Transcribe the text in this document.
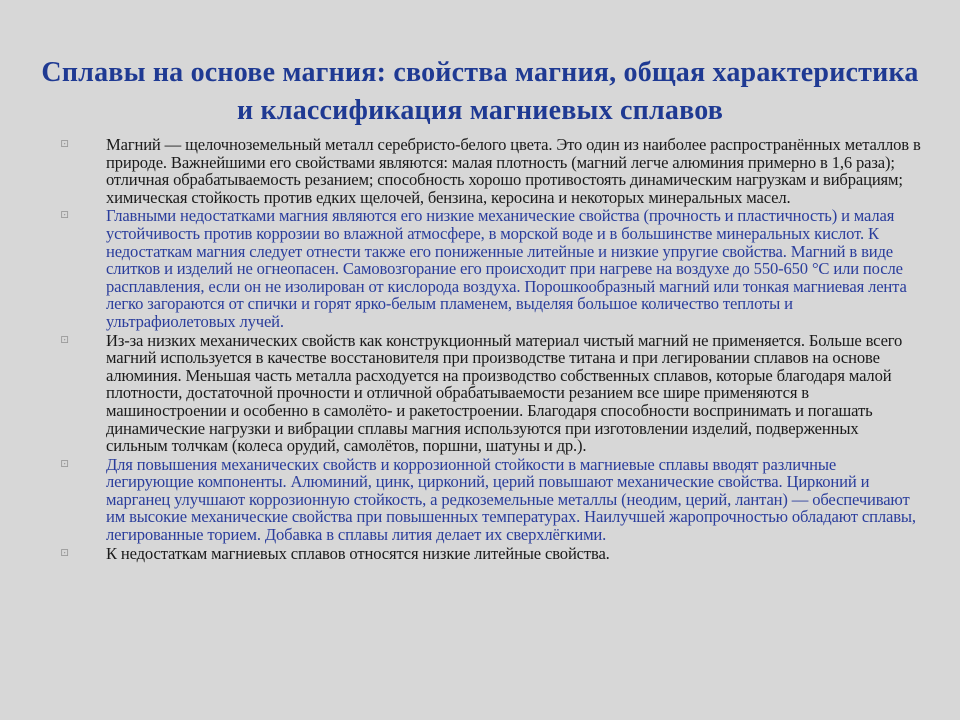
Сплавы на основе магния: свойства магния, общая характеристика и классификация магниевых сплавов
⊡ Магний — щелочноземельный металл серебристо-белого цвета. Это один из наиболее распространённых металлов в природе. Важнейшими его свойствами являются: малая плотность (магний легче алюминия примерно в 1,6 раза); отличная обрабатываемость резанием; способность хорошо противостоять динамическим нагрузкам и вибрациям; химическая стойкость против едких щелочей, бензина, керосина и некоторых минеральных масел.
⊡ Главными недостатками магния являются его низкие механические свойства (прочность и пластичность) и малая устойчивость против коррозии во влажной атмосфере, в морской воде и в большинстве минеральных кислот. К недостаткам магния следует отнести также его пониженные литейные и низкие упругие свойства. Магний в виде слитков и изделий не огнеопасен. Самовозгорание его происходит при нагреве на воздухе до 550-650 °С или после расплавления, если он не изолирован от кислорода воздуха. Порошкообразный магний или тонкая магниевая лента легко загораются от спички и горят ярко-белым пламенем, выделяя большое количество теплоты и ультрафиолетовых лучей.
⊡ Из-за низких механических свойств как конструкционный материал чистый магний не применяется. Больше всего магний используется в качестве восстановителя при производстве титана и при легировании сплавов на основе алюминия. Меньшая часть металла расходуется на производство собственных сплавов, которые благодаря малой плотности, достаточной прочности и отличной обрабатываемости резанием все шире применяются в машиностроении и особенно в самолёто- и ракетостроении. Благодаря способности воспринимать и погашать динамические нагрузки и вибрации сплавы магния используются при изготовлении изделий, подверженных сильным толчкам (колеса орудий, самолётов, поршни, шатуны и др.).
⊡ Для повышения механических свойств и коррозионной стойкости в магниевые сплавы вводят различные легирующие компоненты. Алюминий, цинк, цирконий, церий повышают механические свойства. Цирконий и марганец улучшают коррозионную стойкость, а редкоземельные металлы (неодим, церий, лантан) — обеспечивают им высокие механические свойства при повышенных температурах. Наилучшей жаропрочностью обладают сплавы, легированные торием. Добавка в сплавы лития делает их сверхлёгкими.
⊡ К недостаткам магниевых сплавов относятся низкие литейные свойства.
